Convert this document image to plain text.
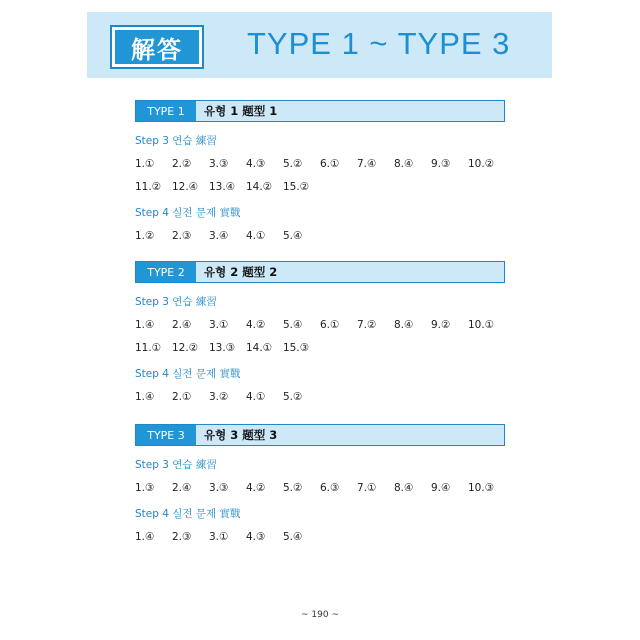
解答	TYPE 1 ~ TYPE 3
TYPE 1	유형 1 题型 1
Step 3 연습 練習
1.①	2.②	3.③	4.③	5.②	6.①	7.④	8.④	9.③	10.②
11.②	12.④	13.④	14.②	15.②
Step 4 실전 문제 實戰
1.②	2.③	3.④	4.①	5.④
TYPE 2	유형 2 题型 2
Step 3 연습 練習
1.④	2.④	3.①	4.②	5.④	6.①	7.②	8.④	9.②	10.①
11.①	12.②	13.③	14.①	15.③
Step 4 실전 문제 實戰
1.④	2.①	3.②	4.①	5.②
TYPE 3	유형 3 题型 3
Step 3 연습 練習
1.③	2.④	3.③	4.②	5.②	6.③	7.①	8.④	9.④	10.③
Step 4 실전 문제 實戰
1.④	2.③	3.①	4.③	5.④
~ 190 ~
